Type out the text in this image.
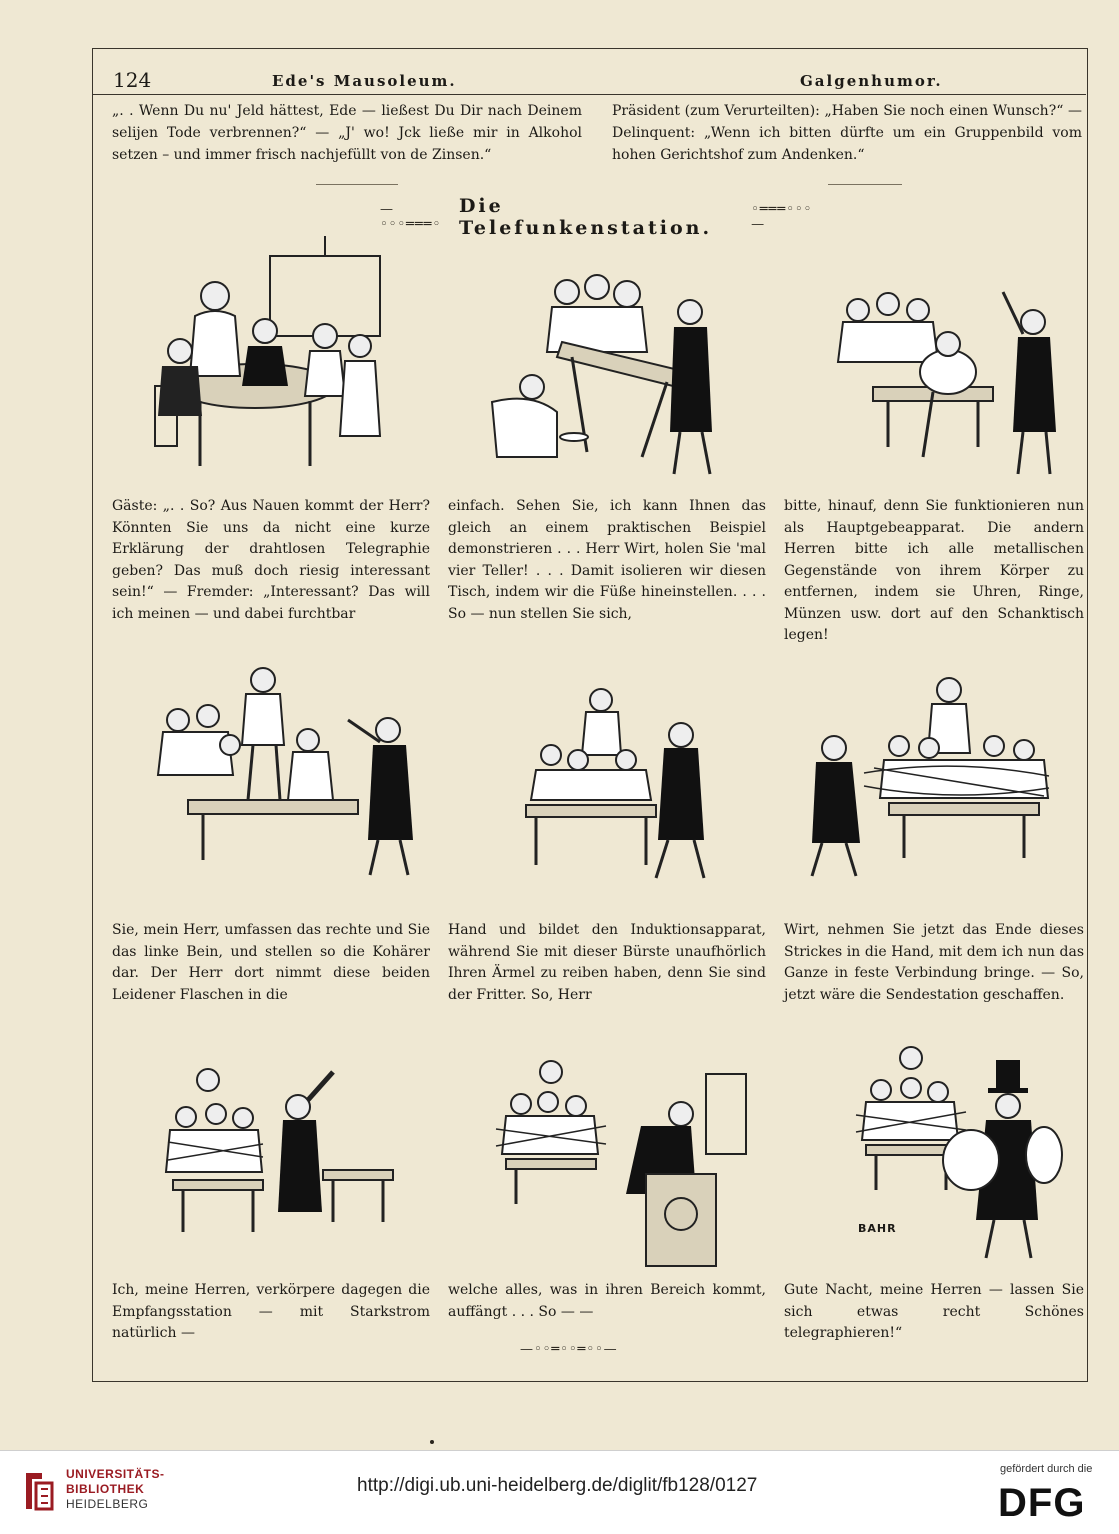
124	Ede's Mausoleum.	Galgenhumor.
„. . Wenn Du nu' Jeld hättest, Ede — ließest Du Dir nach Deinem selijen Tode verbrennen?“ — „J' wo! Jck ließe mir in Alkohol setzen – und immer frisch nachjefüllt von de Zinsen.“
Präsident (zum Verurteilten): „Haben Sie noch einen Wunsch?“ — Delinquent: „Wenn ich bitten dürfte um ein Gruppenbild vom hohen Gerichtshof zum Andenken.“
—◦◦◦═══◦
Die Telefunkenstation.
◦═══◦◦◦—
Gäste: „. . So? Aus Nauen kommt der Herr? Könnten Sie uns da nicht eine kurze Erklärung der drahtlosen Telegraphie geben? Das muß doch riesig interessant sein!“ — Fremder: „Interessant? Das will ich meinen — und dabei furchtbar
einfach. Sehen Sie, ich kann Ihnen das gleich an einem praktischen Beispiel demonstrieren . . . Herr Wirt, holen Sie 'mal vier Teller! . . . Damit isolieren wir diesen Tisch, indem wir die Füße hineinstellen. . . . So — nun stellen Sie sich,
bitte, hinauf, denn Sie funktionieren nun als Hauptgebeapparat. Die andern Herren bitte ich alle metallischen Gegenstände von ihrem Körper zu entfernen, indem sie Uhren, Ringe, Münzen usw. dort auf den Schanktisch legen!
Sie, mein Herr, umfassen das rechte und Sie das linke Bein, und stellen so die Kohärer dar. Der Herr dort nimmt diese beiden Leidener Flaschen in die
Hand und bildet den Induktionsapparat, während Sie mit dieser Bürste unaufhörlich Ihren Ärmel zu reiben haben, denn Sie sind der Fritter. So, Herr
Wirt, nehmen Sie jetzt das Ende dieses Strickes in die Hand, mit dem ich nun das Ganze in feste Verbindung bringe. — So, jetzt wäre die Sendestation geschaffen.
BAHR
Ich, meine Herren, verkörpere dagegen die Empfangsstation — mit Starkstrom natürlich —
welche alles, was in ihren Bereich kommt, auffängt . . . So — —
Gute Nacht, meine Herren — lassen Sie sich etwas recht Schönes telegraphieren!“
—◦◦═◦◦═◦◦—
UNIVERSITÄTS-
BIBLIOTHEK
HEIDELBERG
http://digi.ub.uni-heidelberg.de/diglit/fb128/0127
gefördert durch die
DFG
